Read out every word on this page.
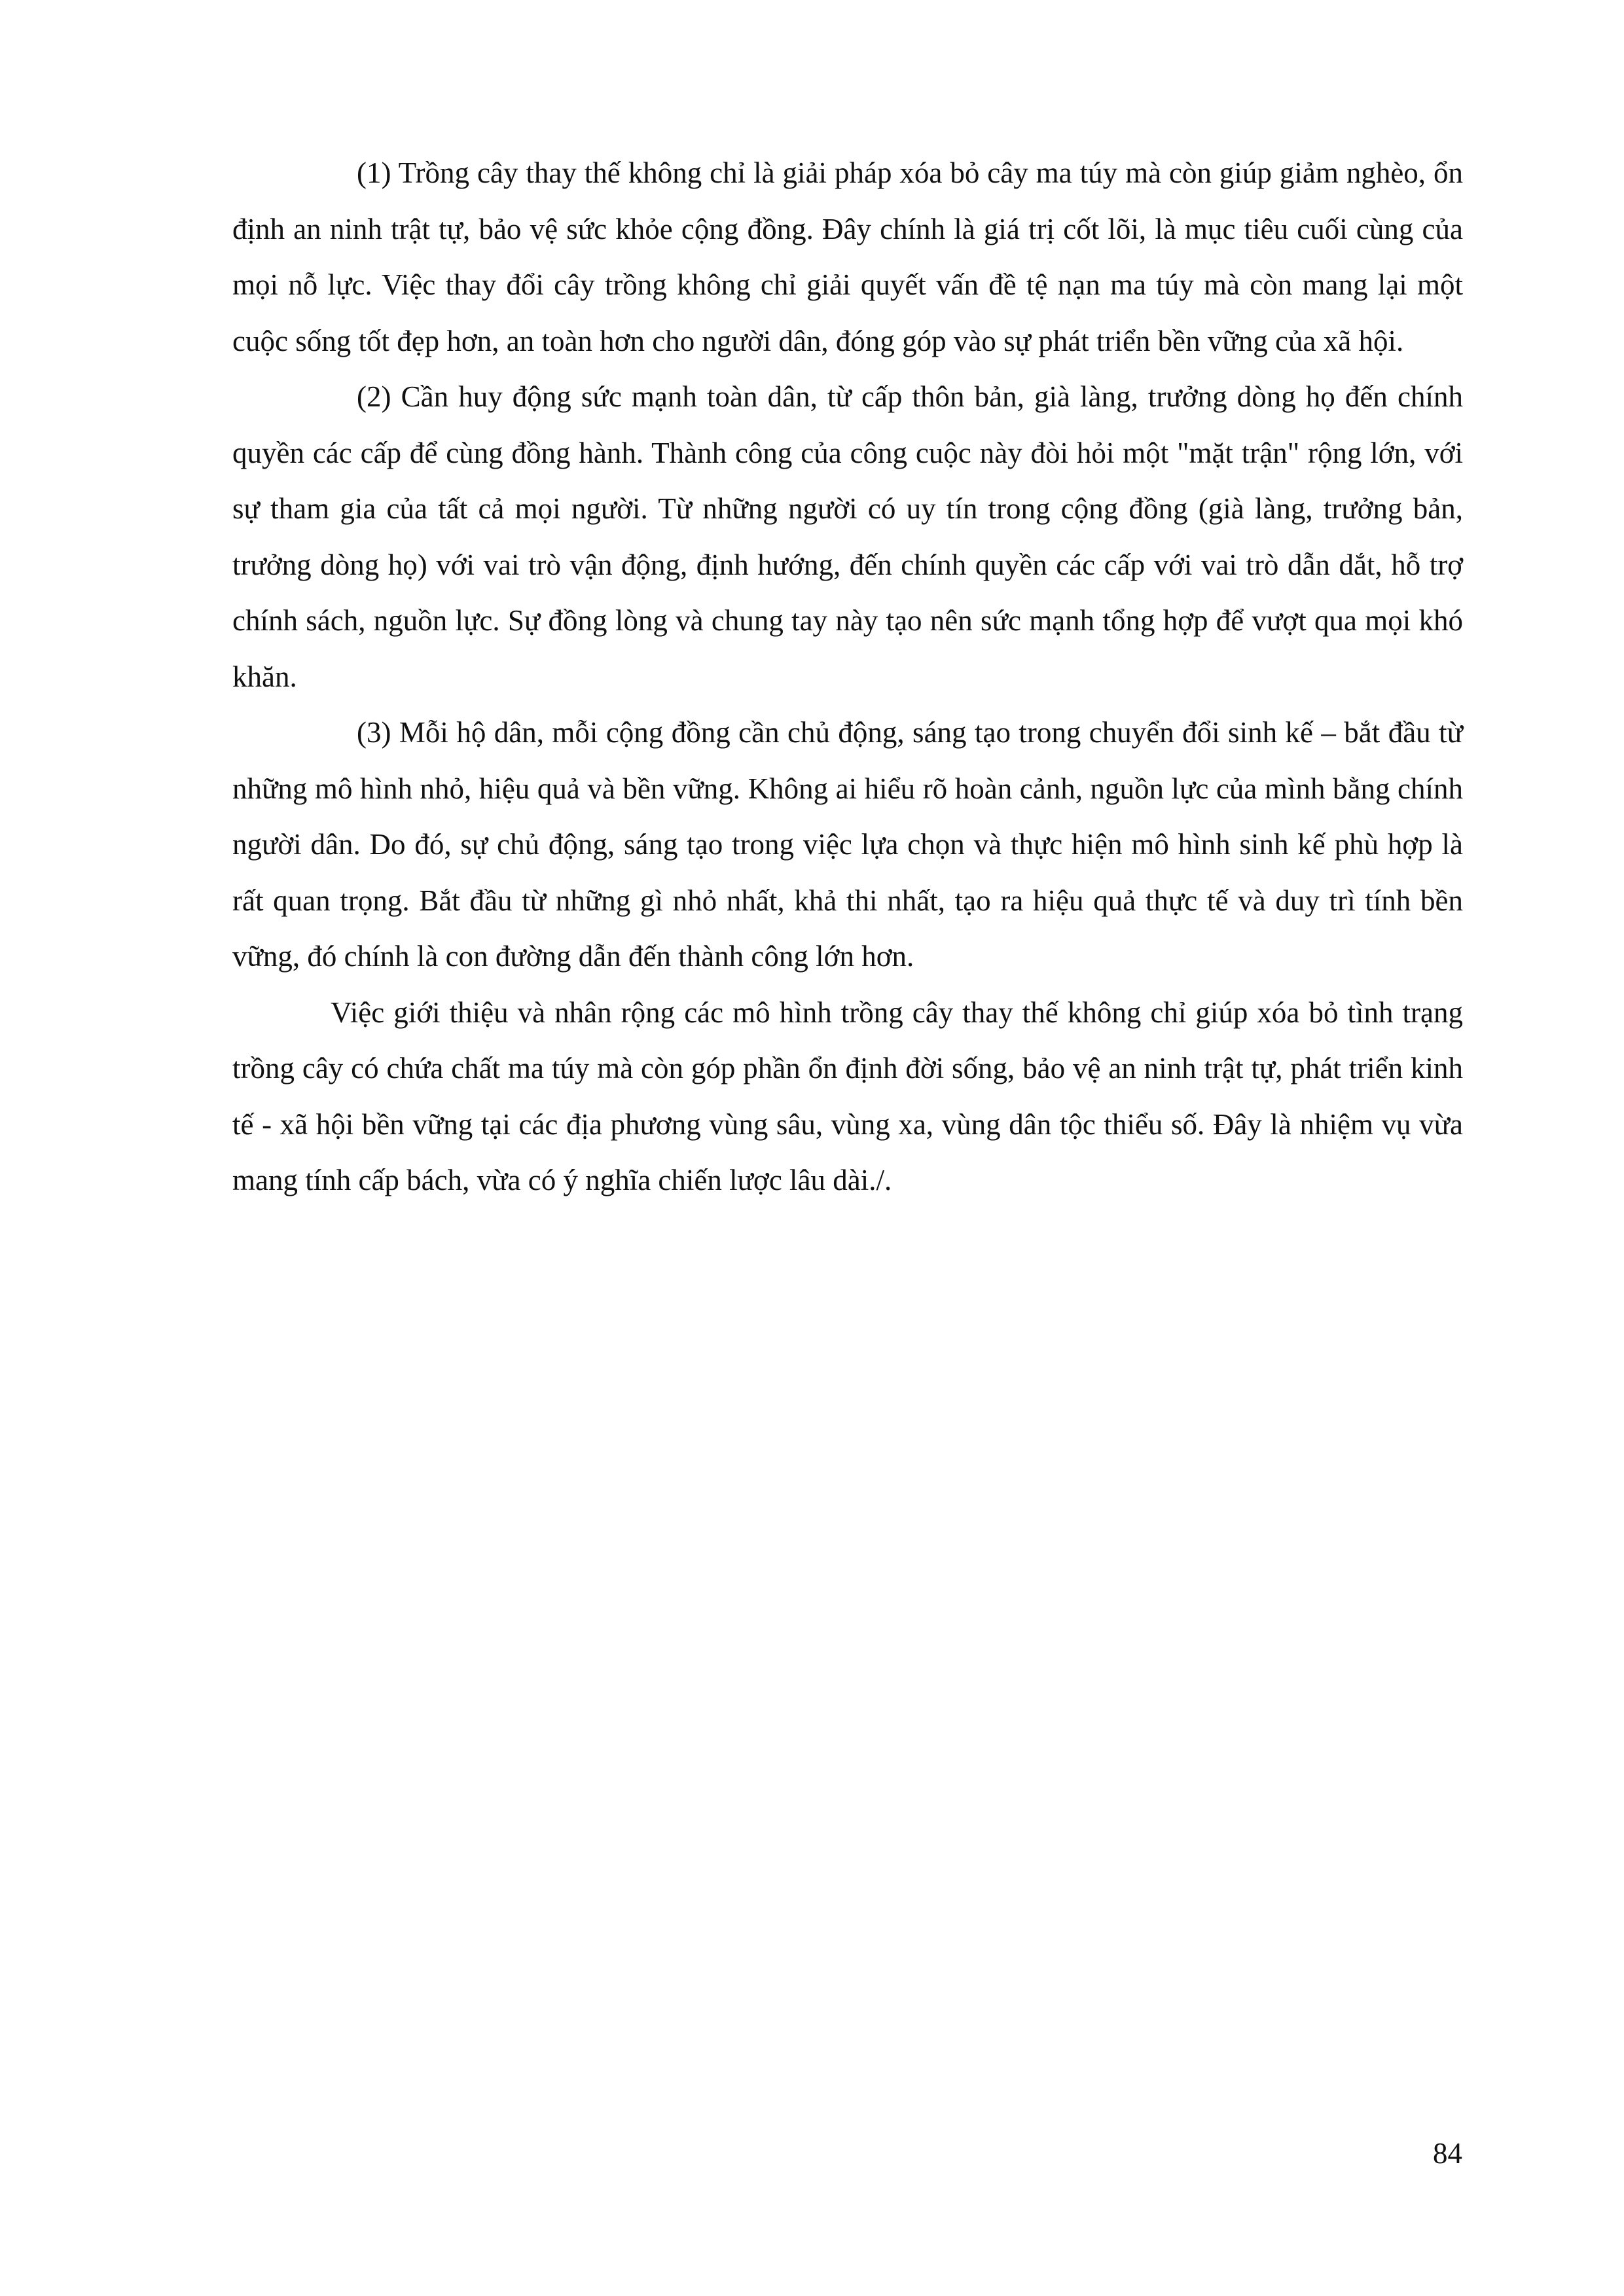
(1) Trồng cây thay thế không chỉ là giải pháp xóa bỏ cây ma túy mà còn giúp giảm nghèo, ổn định an ninh trật tự, bảo vệ sức khỏe cộng đồng. Đây chính là giá trị cốt lõi, là mục tiêu cuối cùng của mọi nỗ lực. Việc thay đổi cây trồng không chỉ giải quyết vấn đề tệ nạn ma túy mà còn mang lại một cuộc sống tốt đẹp hơn, an toàn hơn cho người dân, đóng góp vào sự phát triển bền vững của xã hội.

(2) Cần huy động sức mạnh toàn dân, từ cấp thôn bản, già làng, trưởng dòng họ đến chính quyền các cấp để cùng đồng hành. Thành công của công cuộc này đòi hỏi một "mặt trận" rộng lớn, với sự tham gia của tất cả mọi người. Từ những người có uy tín trong cộng đồng (già làng, trưởng bản, trưởng dòng họ) với vai trò vận động, định hướng, đến chính quyền các cấp với vai trò dẫn dắt, hỗ trợ chính sách, nguồn lực. Sự đồng lòng và chung tay này tạo nên sức mạnh tổng hợp để vượt qua mọi khó khăn.

(3) Mỗi hộ dân, mỗi cộng đồng cần chủ động, sáng tạo trong chuyển đổi sinh kế – bắt đầu từ những mô hình nhỏ, hiệu quả và bền vững. Không ai hiểu rõ hoàn cảnh, nguồn lực của mình bằng chính người dân. Do đó, sự chủ động, sáng tạo trong việc lựa chọn và thực hiện mô hình sinh kế phù hợp là rất quan trọng. Bắt đầu từ những gì nhỏ nhất, khả thi nhất, tạo ra hiệu quả thực tế và duy trì tính bền vững, đó chính là con đường dẫn đến thành công lớn hơn.

Việc giới thiệu và nhân rộng các mô hình trồng cây thay thế không chỉ giúp xóa bỏ tình trạng trồng cây có chứa chất ma túy mà còn góp phần ổn định đời sống, bảo vệ an ninh trật tự, phát triển kinh tế - xã hội bền vững tại các địa phương vùng sâu, vùng xa, vùng dân tộc thiểu số. Đây là nhiệm vụ vừa mang tính cấp bách, vừa có ý nghĩa chiến lược lâu dài./.

84
